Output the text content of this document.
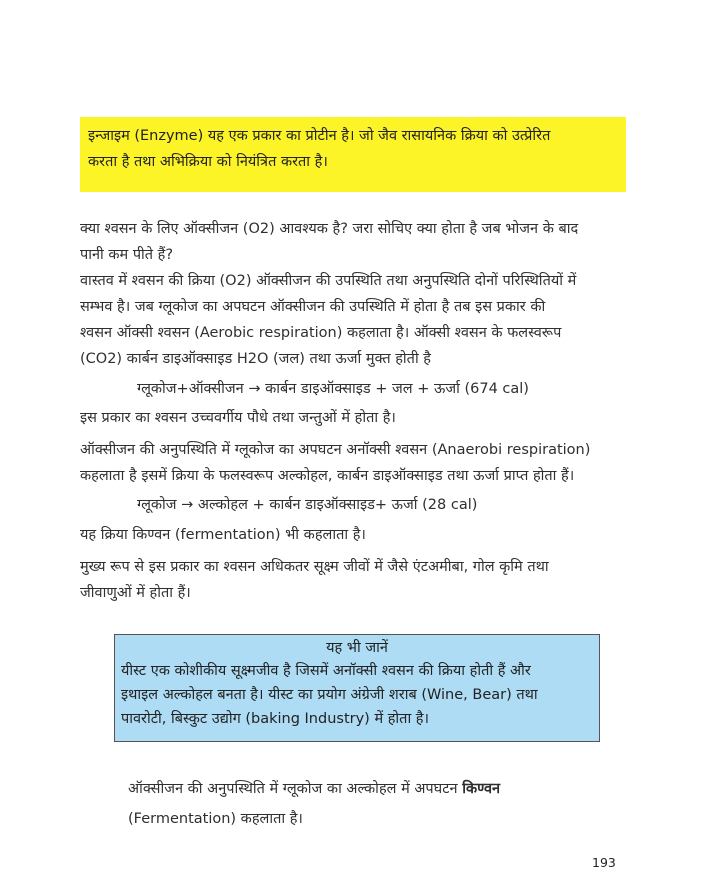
इन्जाइम (Enzyme) यह एक प्रकार का प्रोटीन है। जो जैव रासायनिक क्रिया को उत्प्रेरित
करता है तथा अभिक्रिया को नियंत्रित करता है।
क्या श्वसन के लिए ऑक्सीजन (O2) आवश्यक है? जरा सोचिए क्या होता है जब भोजन के बाद
पानी कम पीते हैं?
वास्तव में श्वसन की क्रिया (O2) ऑक्सीजन की उपस्थिति तथा अनुपस्थिति दोनों परिस्थितियों में
सम्भव है। जब ग्लूकोज का अपघटन ऑक्सीजन की उपस्थिति में होता है तब इस प्रकार की
श्वसन ऑक्सी श्वसन (Aerobic respiration) कहलाता है। ऑक्सी श्वसन के फलस्वरूप
(CO2) कार्बन डाइऑक्साइड H2O (जल) तथा ऊर्जा मुक्त होती है
ग्लूकोज+ऑक्सीजन → कार्बन डाइऑक्साइड + जल + ऊर्जा (674 cal)
इस प्रकार का श्वसन उच्चवर्गीय पौधे तथा जन्तुओं में होता है।
ऑक्सीजन की अनुपस्थिति में ग्लूकोज का अपघटन अनॉक्सी श्वसन (Anaerobi respiration)
कहलाता है इसमें क्रिया के फलस्वरूप अल्कोहल, कार्बन डाइऑक्साइड तथा ऊर्जा प्राप्त होता हैं।
ग्लूकोज → अल्कोहल + कार्बन डाइऑक्साइड+ ऊर्जा (28 cal)
यह क्रिया किण्वन (fermentation) भी कहलाता है।
मुख्य रूप से इस प्रकार का श्वसन अधिकतर सूक्ष्म जीवों में जैसे एंटअमीबा, गोल कृमि तथा
जीवाणुओं में होता हैं।
यह भी जानें
यीस्ट एक कोशीकीय सूक्ष्मजीव है जिसमें अनॉक्सी श्वसन की क्रिया होती हैं और
इथाइल अल्कोहल बनता है। यीस्ट का प्रयोग अंग्रेजी शराब (Wine, Bear) तथा
पावरोटी, बिस्कुट उद्योग (baking Industry) में होता है।
ऑक्सीजन की अनुपस्थिति में ग्लूकोज का अल्कोहल में अपघटन किण्वन
(Fermentation) कहलाता है।
193
